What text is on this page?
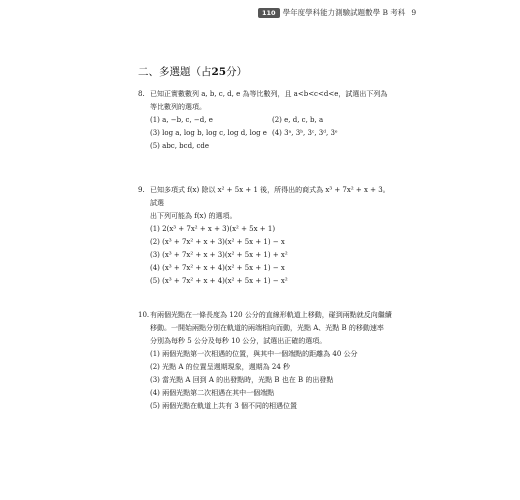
110 學年度學科能力測驗試題數學 B 考科 9
二、多選題（占25分）
8. 已知正實數數列 a, b, c, d, e 為等比數列，且 a<b<c<d<e，試選出下列為
等比數列的選項。
(1) a, −b, c, −d, e	(2) e, d, c, b, a
(3) log a, log b, log c, log d, log e (4) 3ᵃ, 3ᵇ, 3ᶜ, 3ᵈ, 3ᵉ
(5) abc, bcd, cde
9. 已知多項式 f(x) 除以 x² + 5x + 1 後，所得出的商式為 x³ + 7x² + x + 3。試選
出下列可能為 f(x) 的選項。
(1) 2(x³ + 7x² + x + 3)(x² + 5x + 1)
(2) (x³ + 7x² + x + 3)(x² + 5x + 1) − x
(3) (x³ + 7x² + x + 3)(x² + 5x + 1) + x²
(4) (x³ + 7x² + x + 4)(x² + 5x + 1) − x
(5) (x³ + 7x² + x + 4)(x² + 5x + 1) − x²
10. 有兩個光點在一條長度為 120 公分的直線形軌道上移動，碰到兩點就反向繼續
移動。一開始兩點分別在軌道的兩端相向而動，光點 A、光點 B 的移動速率
分別為每秒 5 公分及每秒 10 公分，試選出正確的選項。
(1) 兩個光點第一次相遇的位置，與其中一個端點的距離為 40 公分
(2) 光點 A 的位置呈週期現象，週期為 24 秒
(3) 當光點 A 回到 A 的出發點時，光點 B 也在 B 的出發點
(4) 兩個光點第二次相遇在其中一個端點
(5) 兩個光點在軌道上共有 3 個不同的相遇位置
